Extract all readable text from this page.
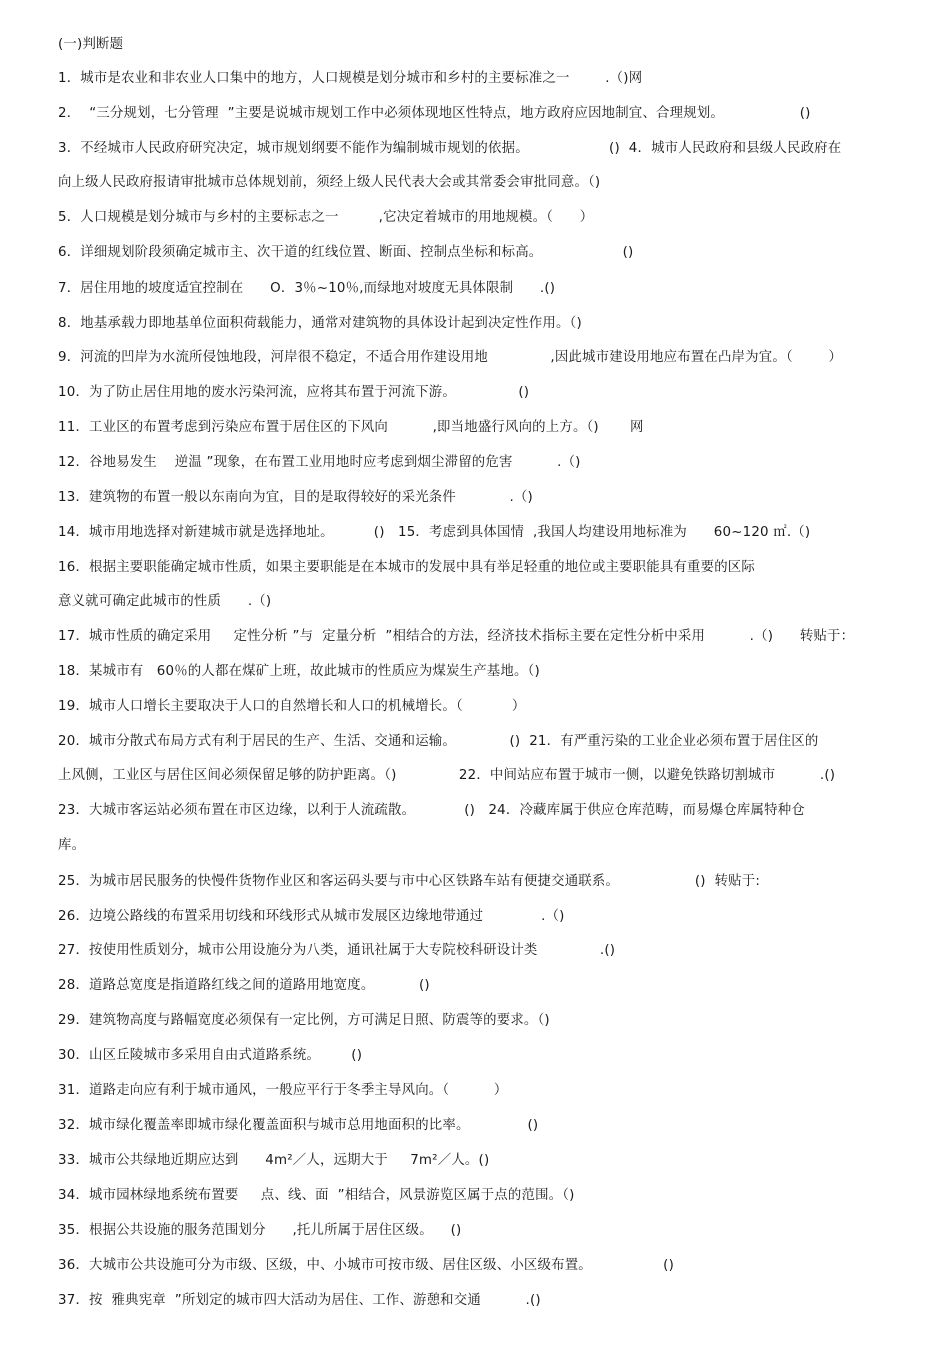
(一)判断题
1．城市是农业和非农业人口集中的地方，人口规模是划分城市和乡村的主要标准之一        .（)网
2．  “三分规划，七分管理  ”主要是说城市规划工作中必须体现地区性特点，地方政府应因地制宜、合理规划。                 ()
3．不经城市人民政府研究决定，城市规划纲要不能作为编制城市规划的依据。                  ()  4．城市人民政府和县级人民政府在
向上级人民政府报请审批城市总体规划前，须经上级人民代表大会或其常委会审批同意。（)
5．人口规模是划分城市与乡村的主要标志之一         ,它决定着城市的用地规模。（      ）
6．详细规划阶段须确定城市主、次干道的红线位置、断面、控制点坐标和标高。                  ()
7．居住用地的坡度适宜控制在      O．3％~10％,而绿地对坡度无具体限制      .()
8．地基承载力即地基单位面积荷载能力，通常对建筑物的具体设计起到决定性作用。（)
9．河流的凹岸为水流所侵蚀地段，河岸很不稳定，不适合用作建设用地              ,因此城市建设用地应布置在凸岸为宜。（        ）
10．为了防止居住用地的废水污染河流，应将其布置于河流下游。              ()
11．工业区的布置考虑到污染应布置于居住区的下风向          ,即当地盛行风向的上方。（)       网
12．谷地易发生    逆温 ”现象，在布置工业用地时应考虑到烟尘滞留的危害          .（)
13．建筑物的布置一般以东南向为宜，目的是取得较好的采光条件            .（)
14．城市用地选择对新建城市就是选择地址。         ()   15．考虑到具体国情  ,我国人均建设用地标准为      60~120 ㎡.（)
16．根据主要职能确定城市性质，如果主要职能是在本城市的发展中具有举足轻重的地位或主要职能具有重要的区际
意义就可确定此城市的性质      .（)
17．城市性质的确定采用     定性分析 ”与  定量分析  ”相结合的方法，经济技术指标主要在定性分析中采用          .（)      转贴于：
18．某城市有   60％的人都在煤矿上班，故此城市的性质应为煤炭生产基地。（)
19．城市人口增长主要取决于人口的自然增长和人口的机械增长。（           ）
20．城市分散式布局方式有利于居民的生产、生活、交通和运输。            ()  21．有严重污染的工业企业必须布置于居住区的
上风侧，工业区与居住区间必须保留足够的防护距离。（)              22．中间站应布置于城市一侧，以避免铁路切割城市          .()
23．大城市客运站必须布置在市区边缘，以利于人流疏散。           ()   24．冷藏库属于供应仓库范畴，而易爆仓库属特种仓
库。
25．为城市居民服务的快慢件货物作业区和客运码头要与市中心区铁路车站有便捷交通联系。                 ()  转贴于:
26．边境公路线的布置采用切线和环线形式从城市发展区边缘地带通过             .（)
27．按使用性质划分，城市公用设施分为八类，通讯社属于大专院校科研设计类              .()
28．道路总宽度是指道路红线之间的道路用地宽度。          ()
29．建筑物高度与路幅宽度必须保有一定比例，方可满足日照、防震等的要求。（)
30．山区丘陵城市多采用自由式道路系统。       ()
31．道路走向应有利于城市通风，一般应平行于冬季主导风向。（          ）
32．城市绿化覆盖率即城市绿化覆盖面积与城市总用地面积的比率。             ()
33．城市公共绿地近期应达到      4m²／人，远期大于     7m²／人。()
34．城市园林绿地系统布置要     点、线、面  ”相结合，风景游览区属于点的范围。（)
35．根据公共设施的服务范围划分      ,托儿所属于居住区级。    ()
36．大城市公共设施可分为市级、区级，中、小城市可按市级、居住区级、小区级布置。                ()
37．按  雅典宪章  ”所划定的城市四大活动为居住、工作、游憩和交通          .()
